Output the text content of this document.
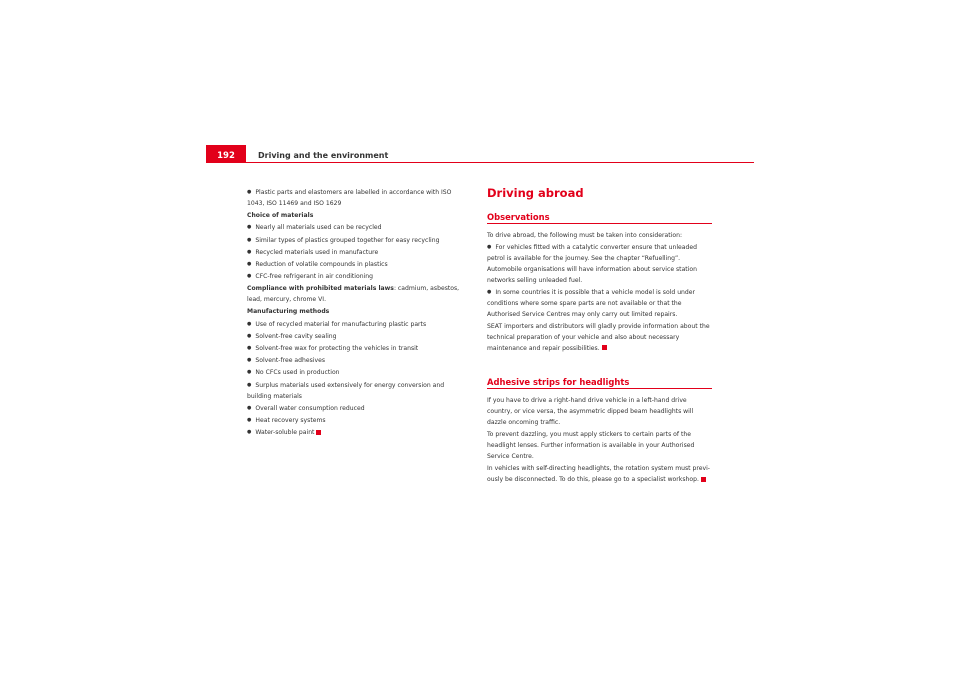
192	Driving and the environment

● Plastic parts and elastomers are labelled in accordance with ISO 1043, ISO 11469 and ISO 1629

Choice of materials

● Nearly all materials used can be recycled

● Similar types of plastics grouped together for easy recycling

● Recycled materials used in manufacture

● Reduction of volatile compounds in plastics

● CFC-free refrigerant in air conditioning

Compliance with prohibited materials laws: cadmium, asbestos, lead, mercury, chrome VI.

Manufacturing methods

● Use of recycled material for manufacturing plastic parts

● Solvent-free cavity sealing

● Solvent-free wax for protecting the vehicles in transit

● Solvent-free adhesives

● No CFCs used in production

● Surplus materials used extensively for energy conversion and building materials

● Overall water consumption reduced

● Heat recovery systems

● Water-soluble paint

Driving abroad
Observations

To drive abroad, the following must be taken into consideration:

● For vehicles fitted with a catalytic converter ensure that unleaded petrol is available for the journey. See the chapter “Refuelling”. Automobile organisations will have information about service station networks selling unleaded fuel.

● In some countries it is possible that a vehicle model is sold under conditions where some spare parts are not available or that the Authorised Service Centres may only carry out limited repairs.

SEAT importers and distributors will gladly provide information about the technical preparation of your vehicle and also about necessary maintenance and repair possibilities.

Adhesive strips for headlights

If you have to drive a right-hand drive vehicle in a left-hand drive country, or vice versa, the asymmetric dipped beam headlights will dazzle oncoming traffic.

To prevent dazzling, you must apply stickers to certain parts of the headlight lenses. Further information is available in your Authorised Service Centre.

In vehicles with self-directing headlights, the rotation system must previously be disconnected. To do this, please go to a specialist workshop.
